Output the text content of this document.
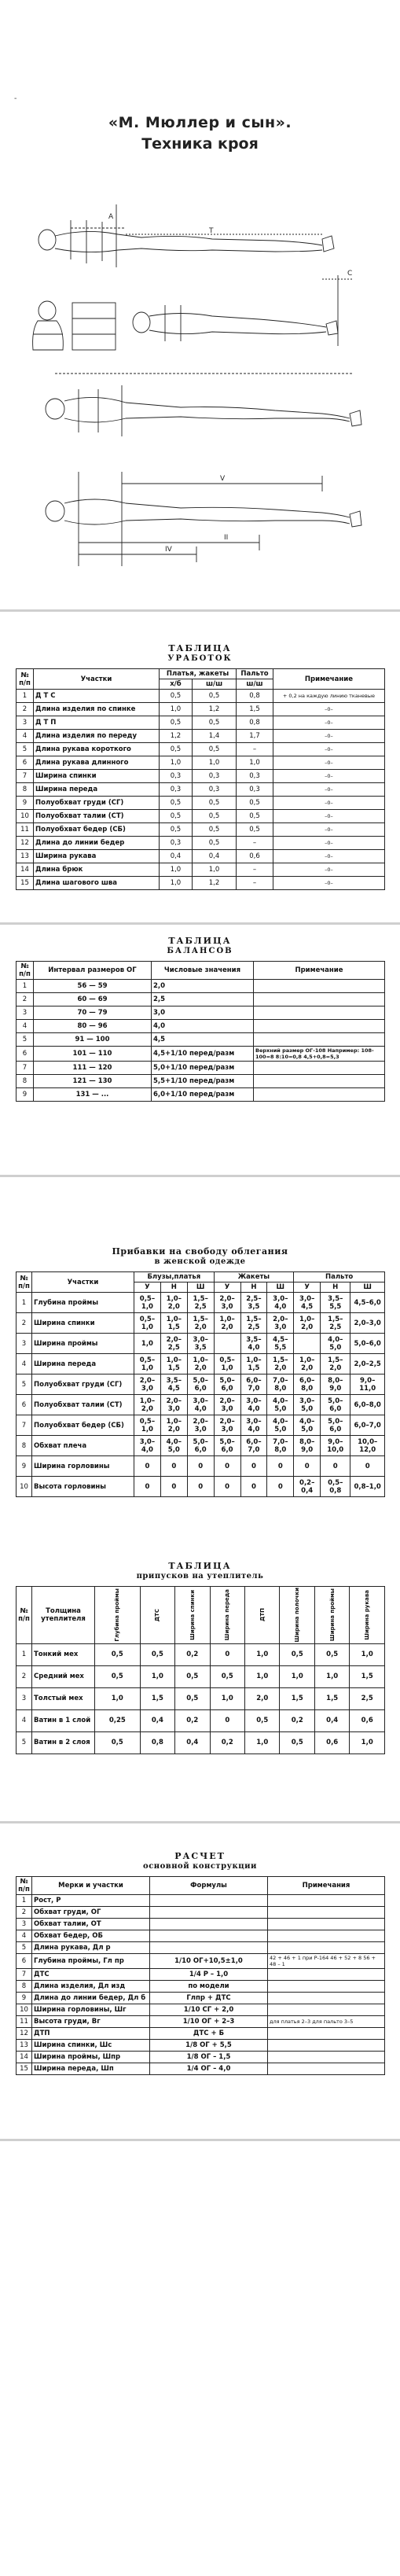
-
«М. Мюллер и сын».
Техника кроя
А
Т
С
II
IV
V
ТАБЛИЦА
УРАБОТОК
№ п/п	Участки	Платья, жакеты		Пальто	Примечание
		х/б	ш/ш	ш/ш	
1	Д Т С	0,5	0,5	0,8	+ 0,2 на каждую линию тканевые
2	Длина изделия по спинке	1,0	1,2	1,5	–0–
3	Д Т П	0,5	0,5	0,8	–0–
4	Длина изделия по переду	1,2	1,4	1,7	–0–
5	Длина рукава короткого	0,5	0,5	–	–0–
6	Длина рукава длинного	1,0	1,0	1,0	–0–
7	Ширина спинки	0,3	0,3	0,3	–0–
8	Ширина переда	0,3	0,3	0,3	–0–
9	Полуобхват груди (СГ)	0,5	0,5	0,5	–0–
10	Полуобхват талии (СТ)	0,5	0,5	0,5	–0–
11	Полуобхват бедер (СБ)	0,5	0,5	0,5	–0–
12	Длина до линии бедер	0,3	0,5	–	–0–
13	Ширина рукава	0,4	0,4	0,6	–0–
14	Длина брюк	1,0	1,0	–	–0–
15	Длина шагового шва	1,0	1,2	–	–0–
ТАБЛИЦА
БАЛАНСОВ
№ п/п	Интервал размеров ОГ	Числовые значения	Примечание
1	56 — 59	2,0	
2	60 — 69	2,5	
3	70 — 79	3,0	
4	80 — 96	4,0	
5	91 — 100	4,5	
6	101 — 110	4,5+1/10 перед/разм	Верхний размер ОГ-108 Например: 108-100=8 8:10=0,8 4,5+0,8=5,3
7	111 — 120	5,0+1/10 перед/разм	
8	121 — 130	5,5+1/10 перед/разм	
9	131 — ...	6,0+1/10 перед/разм	
Прибавки на свободу облегания
в женской одежде
№ п/п	Участки	Блузы,платья			Жакеты			Пальто		
		У	Н	Ш	У	Н	Ш	У	Н	Ш
1	Глубина проймы	0,5–1,0	1,0–2,0	1,5–2,5	2,0–3,0	2,5–3,5	3,0–4,0	3,0–4,5	3,5–5,5	4,5–6,0
2	Ширина спинки	0,5–1,0	1,0–1,5	1,5–2,0	1,0–2,0	1,5–2,5	2,0–3,0	1,0–2,0	1,5–2,5	2,0–3,0
3	Ширина проймы	1,0	2,0–2,5	3,0–3,5		3,5–4,0	4,5–5,5		4,0–5,0	5,0–6,0
4	Ширина переда	0,5–1,0	1,0–1,5	1,0–2,0	0,5–1,0	1,0–1,5	1,5–2,0	1,0–2,0	1,5–2,0	2,0–2,5
5	Полуобхват груди (СГ)	2,0–3,0	3,5–4,5	5,0–6,0	5,0–6,0	6,0–7,0	7,0–8,0	6,0–8,0	8,0–9,0	9,0–11,0
6	Полуобхват талии (СТ)	1,0–2,0	2,0–3,0	3,0–4,0	2,0–3,0	3,0–4,0	4,0–5,0	3,0–5,0	5,0–6,0	6,0–8,0
7	Полуобхват бедер (СБ)	0,5–1,0	1,0–2,0	2,0–3,0	2,0–3,0	3,0–4,0	4,0–5,0	4,0–5,0	5,0–6,0	6,0–7,0
8	Обхват плеча	3,0–4,0	4,0–5,0	5,0–6,0	5,0–6,0	6,0–7,0	7,0–8,0	8,0–9,0	9,0–10,0	10,0–12,0
9	Ширина горловины	0	0	0	0	0	0	0	0	0
10	Высота горловины	0	0	0	0	0	0	0,2–0,4	0,5–0,8	0,8–1,0
ТАБЛИЦА
припусков на утеплитель
№ п/п	Толщина утеплителя	Глубина проймы	ДТС	Ширина спинки	Ширина переда	ДТП	Ширина полочки	Ширина проймы	Ширина рукава

1	Тонкий мех	0,5	0,5	0,2	0	1,0	0,5	0,5	1,0
2	Средний мех	0,5	1,0	0,5	0,5	1,0	1,0	1,0	1,5
3	Толстый мех	1,0	1,5	0,5	1,0	2,0	1,5	1,5	2,5
4	Ватин в 1 слой	0,25	0,4	0,2	0	0,5	0,2	0,4	0,6
5	Ватин в 2 слоя	0,5	0,8	0,4	0,2	1,0	0,5	0,6	1,0
РАСЧЕТ
основной конструкции
№ п/п	Мерки и участки	Формулы	Примечания
1	Рост, Р		
2	Обхват груди, ОГ		
3	Обхват талии, ОТ		
4	Обхват бедер, ОБ		
5	Длина рукава, Дл р		
6	Глубина проймы, Гл пр	1/10 ОГ+10,5±1,0	42 + 46 + 1 при Р-164 46 + 52 + 8 56 + 48 – 1
7	ДТС	1/4 Р – 1,0	
8	Длина изделия, Дл изд	по модели	
9	Длина до линии бедер, Дл б	Глпр + ДТС	
10	Ширина горловины, Шг	1/10 СГ + 2,0	
11	Высота груди, Вг	1/10 ОГ + 2–3	для платья 2–3 для пальто 3–5
12	ДТП	ДТС + Б	
13	Ширина спинки, Шс	1/8 ОГ + 5,5	
14	Ширина проймы, Шпр	1/8 ОГ – 1,5	
15	Ширина переда, Шп	1/4 ОГ – 4,0	
